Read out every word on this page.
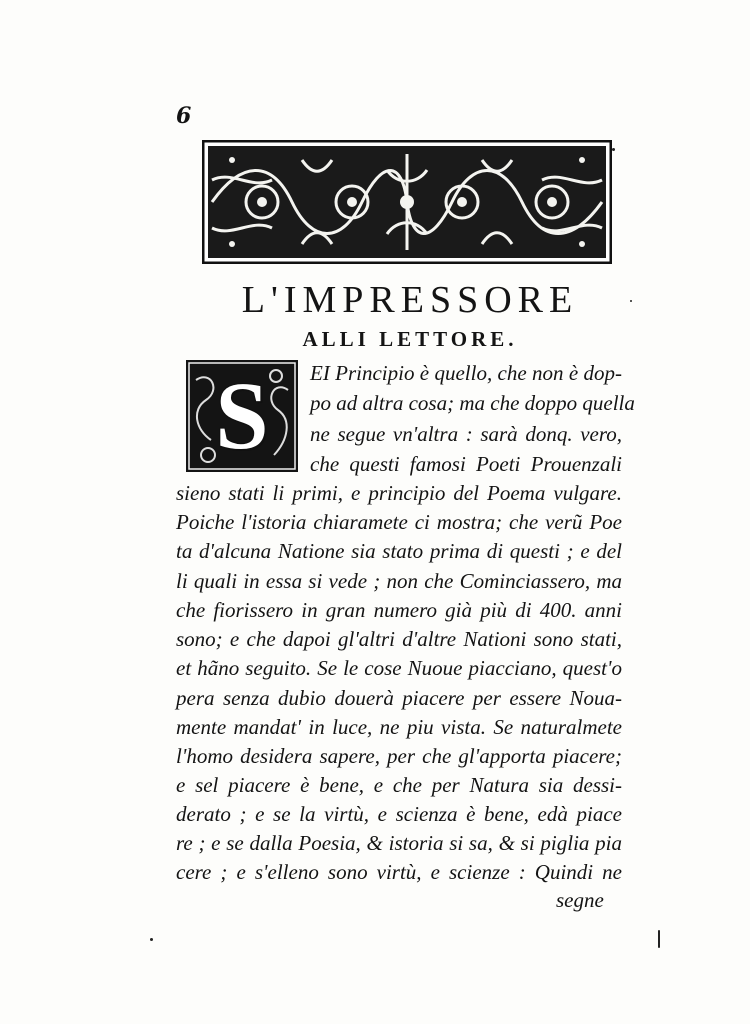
6
L'IMPRESSORE
ALLI LETTORE.
S	EI Principio è quello, che non è dop-
po ad altra cosa; ma che doppo quella
ne segue vn'altra : sarà donq. vero,
che questi famosi Poeti Prouenzali
sieno stati li primi, e principio del Poema vulgare.
Poiche l'istoria chiaramete ci mostra; che verũ Poe
ta d'alcuna Natione sia stato prima di questi ; e del
li quali in essa si vede ; non che Cominciassero, ma
che fiorissero in gran numero già più di 400. anni
sono; e che dapoi gl'altri d'altre Nationi sono stati,
et hãno seguito. Se le cose Nuoue piacciano, quest'o
pera senza dubio douerà piacere per essere Noua-
mente mandat' in luce, ne piu vista. Se naturalmete
l'homo desidera sapere, per che gl'apporta piacere;
e sel piacere è bene, e che per Natura sia dessi-
derato ; e se la virtù, e scienza è bene, edà piace
re ; e se dalla Poesia, & istoria si sa, & si piglia pia
cere ; e s'elleno sono virtù, e scienze : Quindi ne
segne
